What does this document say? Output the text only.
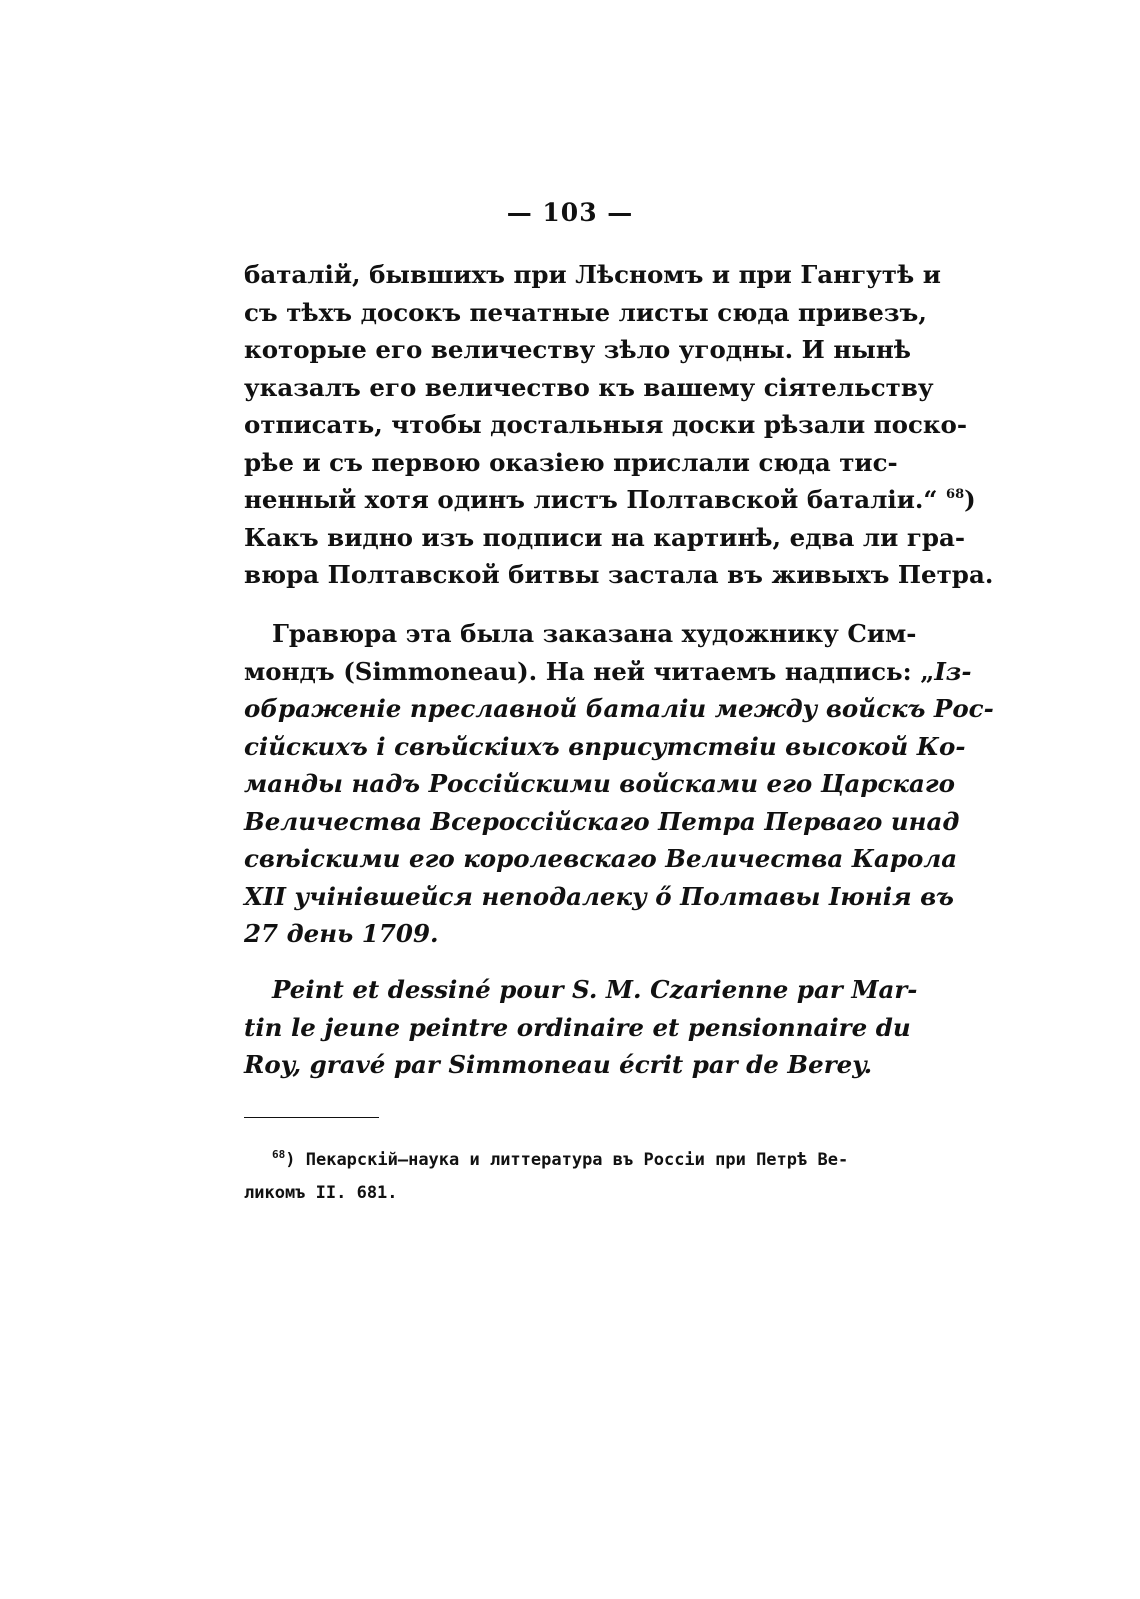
— 103 —
баталій, бывшихъ при Лѣсномъ и при Гангутѣ и
съ тѣхъ досокъ печатные листы сюда привезъ,
которые его величеству зѣло угодны. И нынѣ
указалъ его величество къ вашему сіятельству
отписать, чтобы достальныя доски рѣзали поско-
рѣе и съ первою оказіею прислали сюда тис-
ненный хотя одинъ листъ Полтавской баталіи.“ $^{68}$)
Какъ видно изъ подписи на картинѣ, едва ли гра-
вюра Полтавской битвы застала въ живыхъ Петра.
Гравюра эта была заказана художнику Сим-
мондъ (Simmoneau). На ней читаемъ надпись: „Із-
ображеніе преславной баталіи между войскъ Рос-
сійскихъ і свѣйскіихъ вприсутствіи высокой Ко-
манды надъ Россійскими войсками его Царскаго
Величества Всероссійскаго Петра Перваго инад
свѣіскими его королевскаго Величества Карола
XII учінівшейся неподалеку ő Полтавы Іюнія въ
27 день 1709.
Peint et dessiné pour S. M. Czarienne par Mar-
tin le jeune peintre ordinaire et pensionnaire du
Roy, gravé par Simmoneau écrit par de Berey.
$^{68}$) Пекарскій—наука и литтература въ Россіи при Петрѣ Ве-
ликомъ II. 681.
